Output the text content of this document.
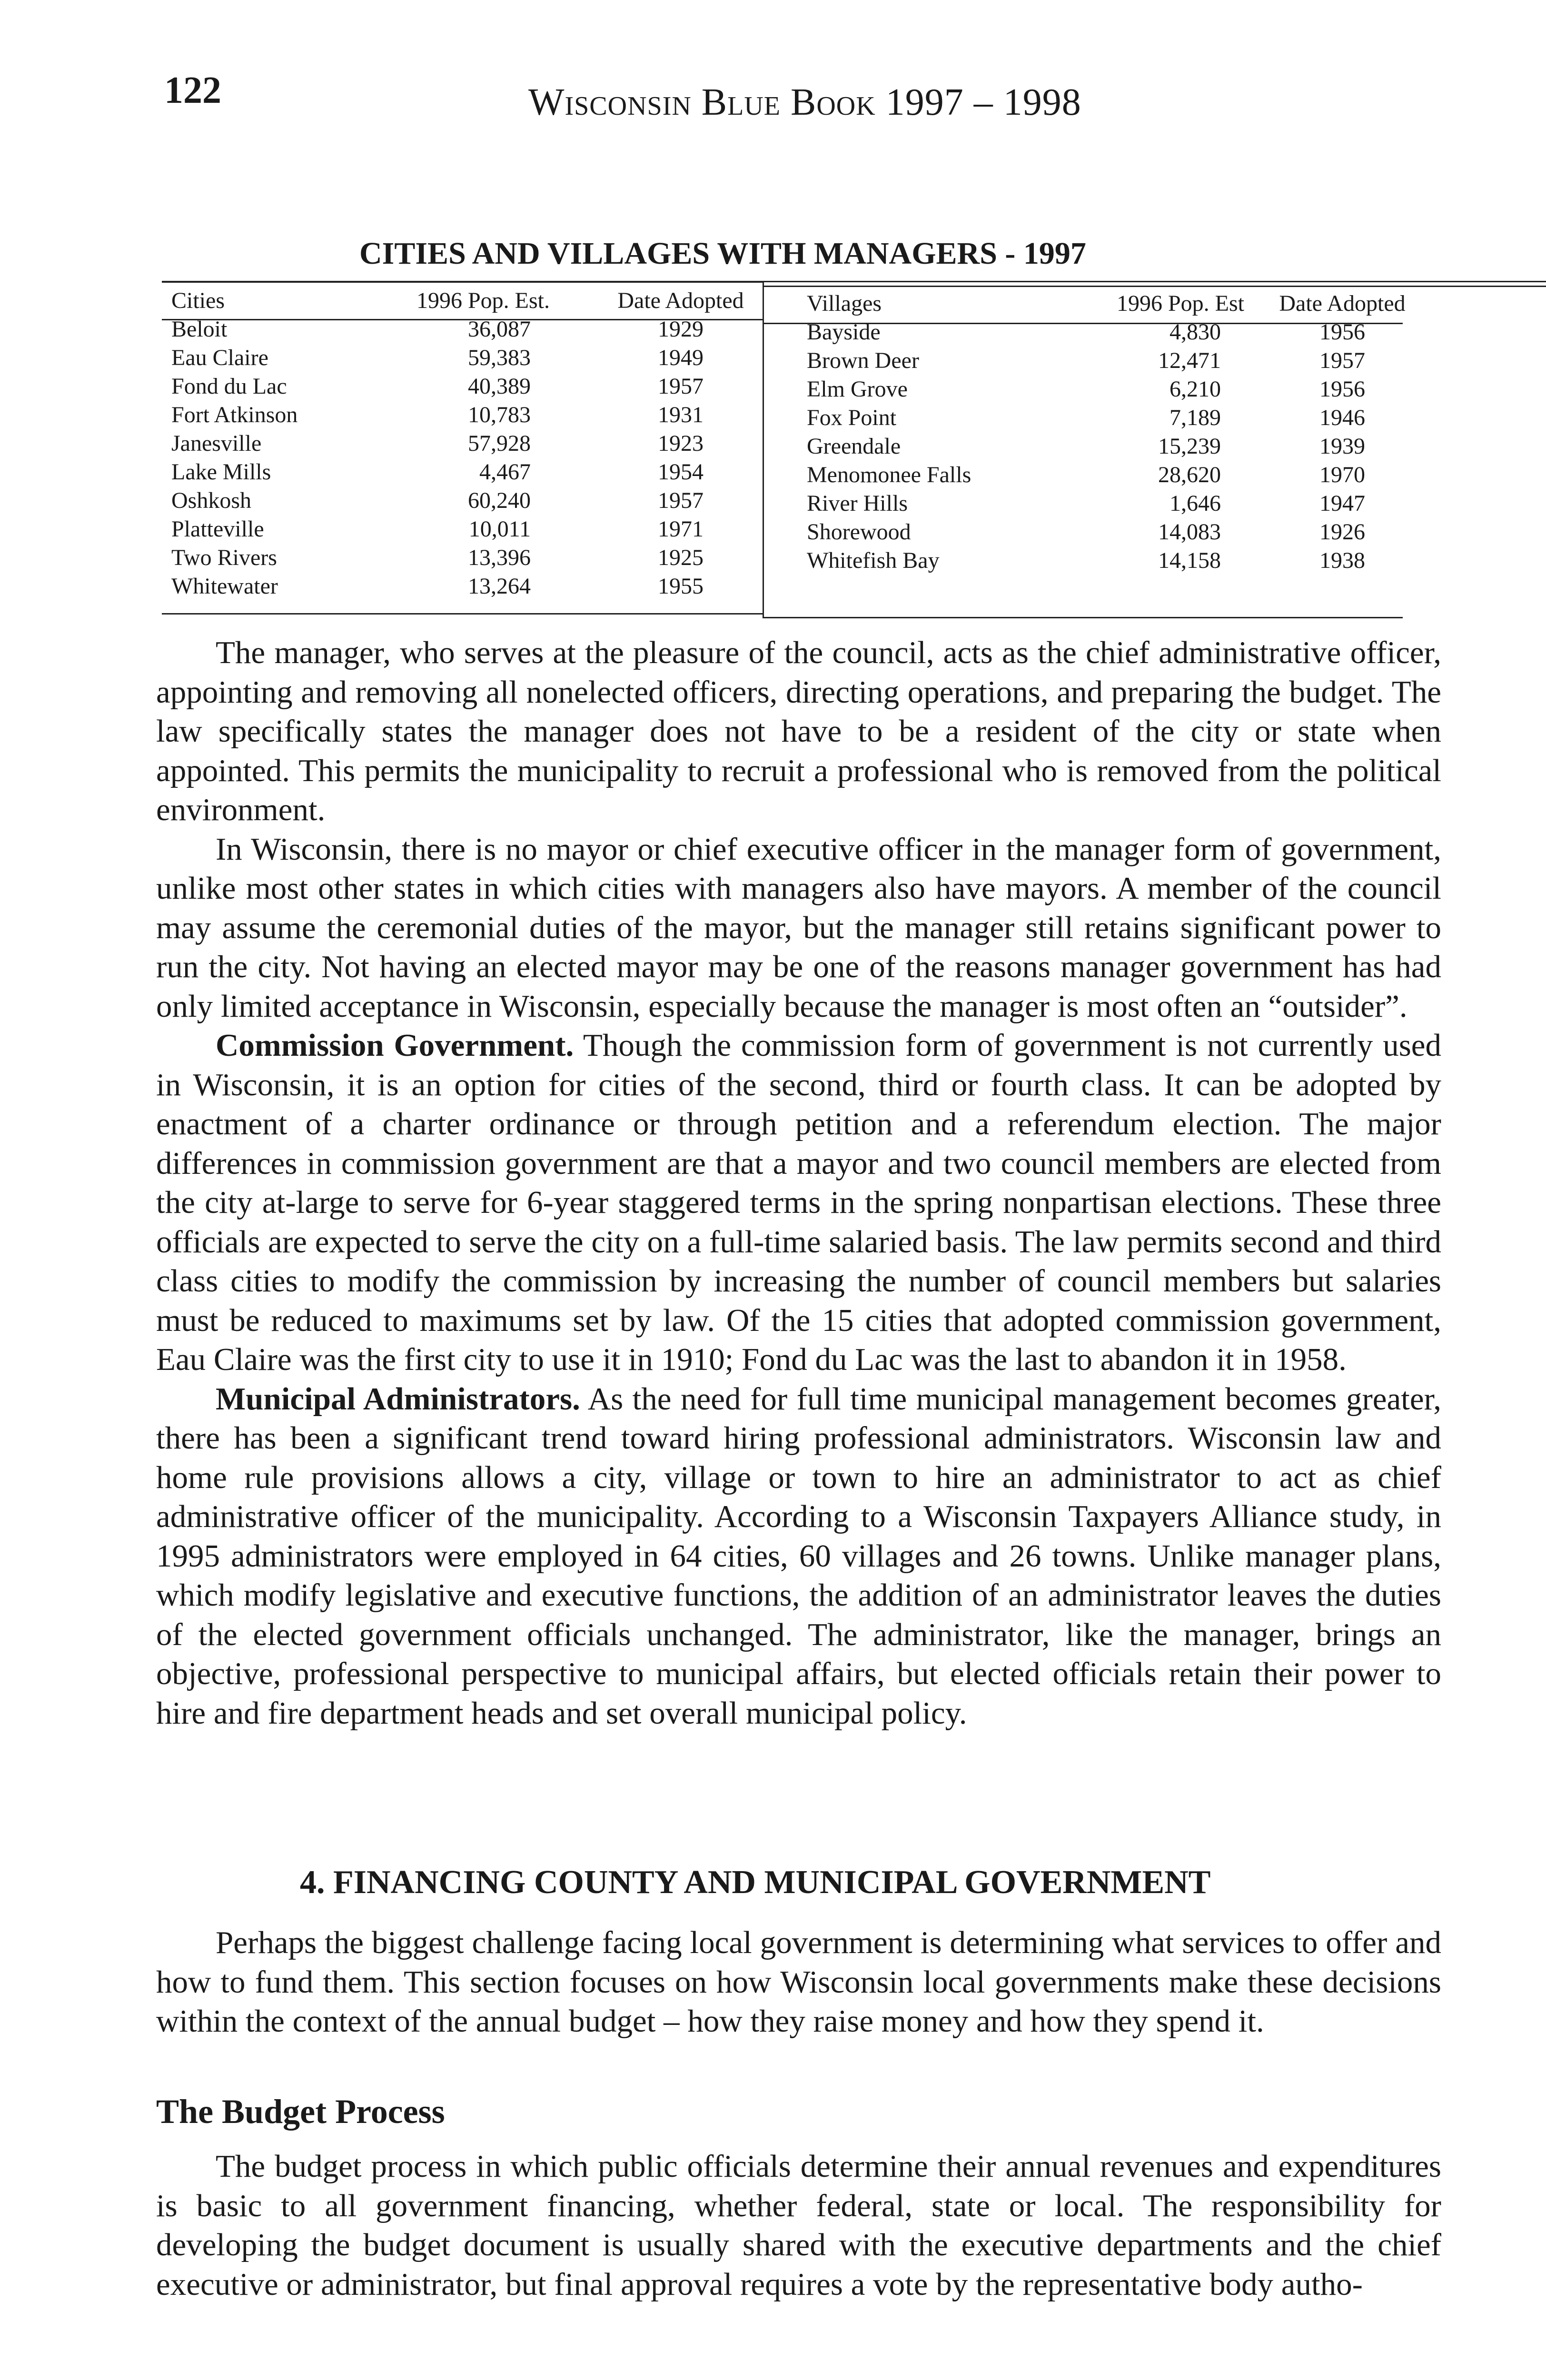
122	Wisconsin Blue Book 1997 – 1998
CITIES AND VILLAGES WITH MANAGERS - 1997
Cities
Beloit
Eau Claire
Fond du Lac
Fort Atkinson
Janesville
Lake Mills
Oshkosh
Platteville
Two Rivers
Whitewater
1996 Pop. Est.
36,087
59,383
40,389
10,783
57,928
4,467
60,240
10,011
13,396
13,264
Date Adopted
1929
1949
1957
1931
1923
1954
1957
1971
1925
1955
Villages
Bayside
Brown Deer
Elm Grove
Fox Point
Greendale
Menomonee Falls
River Hills
Shorewood
Whitefish Bay
1996 Pop. Est
4,830
12,471
6,210
7,189
15,239
28,620
1,646
14,083
14,158
Date Adopted
1956
1957
1956
1946
1939
1970
1947
1926
1938

The manager, who serves at the pleasure of the council, acts as the chief administrative officer, appointing and removing all nonelected officers, directing operations, and preparing the budget. The law specifically states the manager does not have to be a resident of the city or state when appointed. This permits the municipality to recruit a professional who is removed from the political environment.

In Wisconsin, there is no mayor or chief executive officer in the manager form of government, unlike most other states in which cities with managers also have mayors. A member of the council may assume the ceremonial duties of the mayor, but the manager still retains significant power to run the city. Not having an elected mayor may be one of the reasons manager government has had only limited acceptance in Wisconsin, especially because the manager is most often an “outsider”.

Commission Government. Though the commission form of government is not currently used in Wisconsin, it is an option for cities of the second, third or fourth class. It can be adopted by enactment of a charter ordinance or through petition and a referendum election. The major differences in commission government are that a mayor and two council members are elected from the city at-large to serve for 6-year staggered terms in the spring nonpartisan elections. These three officials are expected to serve the city on a full-time salaried basis. The law permits second and third class cities to modify the commission by increasing the number of council members but salaries must be reduced to maximums set by law. Of the 15 cities that adopted commission government, Eau Claire was the first city to use it in 1910; Fond du Lac was the last to abandon it in 1958.

Municipal Administrators. As the need for full time municipal management becomes greater, there has been a significant trend toward hiring professional administrators. Wisconsin law and home rule provisions allows a city, village or town to hire an administrator to act as chief administrative officer of the municipality. According to a Wisconsin Taxpayers Alliance study, in 1995 administrators were employed in 64 cities, 60 villages and 26 towns. Unlike manager plans, which modify legislative and executive functions, the addition of an administrator leaves the duties of the elected government officials unchanged. The administrator, like the manager, brings an objective, professional perspective to municipal affairs, but elected officials retain their power to hire and fire department heads and set overall municipal policy.

4. FINANCING COUNTY AND MUNICIPAL GOVERNMENT

Perhaps the biggest challenge facing local government is determining what services to offer and how to fund them. This section focuses on how Wisconsin local governments make these decisions within the context of the annual budget – how they raise money and how they spend it.

The Budget Process

The budget process in which public officials determine their annual revenues and expenditures is basic to all government financing, whether federal, state or local. The responsibility for developing the budget document is usually shared with the executive departments and the chief executive or administrator, but final approval requires a vote by the representative body autho-
